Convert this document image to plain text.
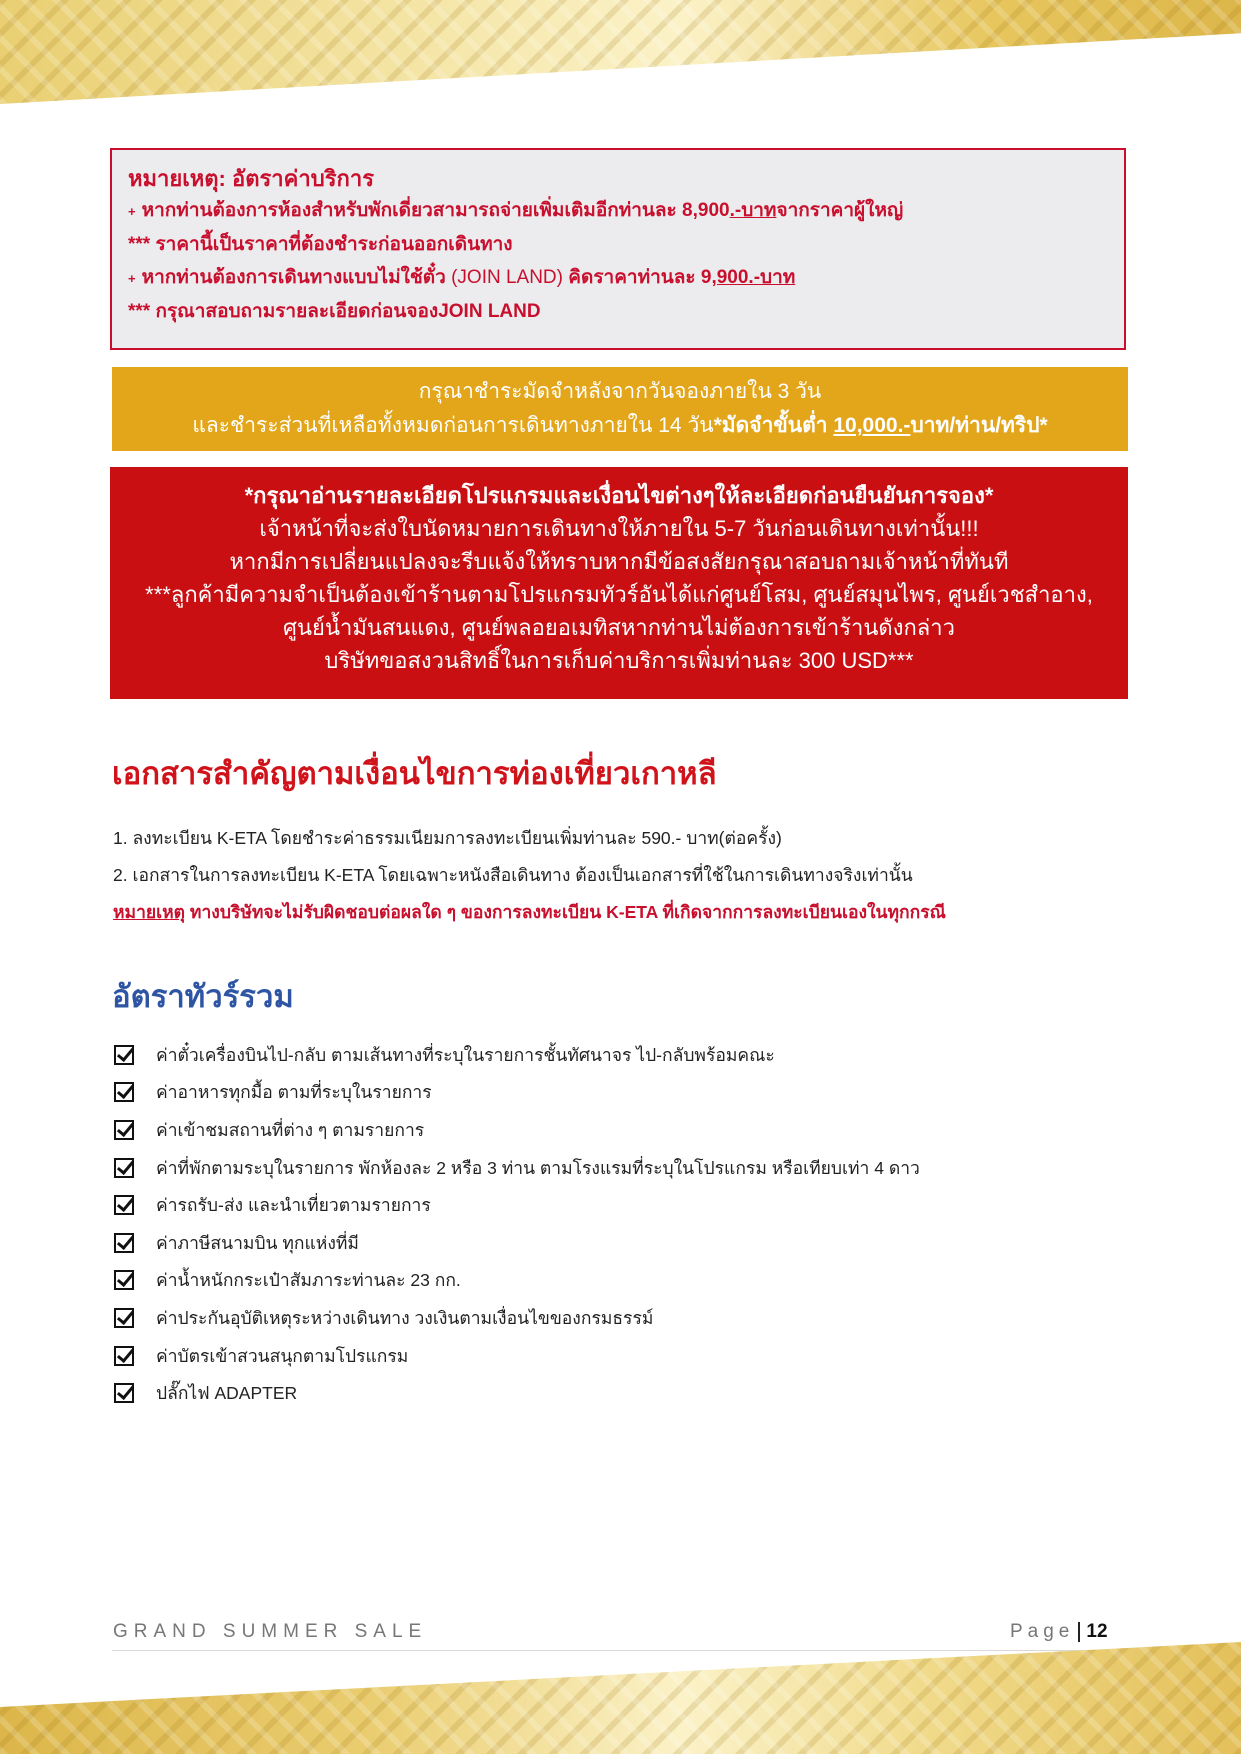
หมายเหตุ: อัตราค่าบริการ
+ หากท่านต้องการห้องสำหรับพักเดี่ยวสามารถจ่ายเพิ่มเติมอีกท่านละ 8,900.-บาทจากราคาผู้ใหญ่
*** ราคานี้เป็นราคาที่ต้องชำระก่อนออกเดินทาง
+ หากท่านต้องการเดินทางแบบไม่ใช้ตั๋ว (JOIN LAND) คิดราคาท่านละ 9,900.-บาท
*** กรุณาสอบถามรายละเอียดก่อนจองJOIN LAND
กรุณาชำระมัดจำหลังจากวันจองภายใน 3 วัน
และชำระส่วนที่เหลือทั้งหมดก่อนการเดินทางภายใน 14 วัน*มัดจำขั้นต่ำ 10,000.-บาท/ท่าน/ทริป*
*กรุณาอ่านรายละเอียดโปรแกรมและเงื่อนไขต่างๆให้ละเอียดก่อนยืนยันการจอง*
เจ้าหน้าที่จะส่งใบนัดหมายการเดินทางให้ภายใน 5-7 วันก่อนเดินทางเท่านั้น!!!
หากมีการเปลี่ยนแปลงจะรีบแจ้งให้ทราบหากมีข้อสงสัยกรุณาสอบถามเจ้าหน้าที่ทันที
***ลูกค้ามีความจำเป็นต้องเข้าร้านตามโปรแกรมทัวร์อันได้แก่ศูนย์โสม, ศูนย์สมุนไพร, ศูนย์เวชสำอาง,
ศูนย์น้ำมันสนแดง, ศูนย์พลอยอเมทิสหากท่านไม่ต้องการเข้าร้านดังกล่าว
บริษัทขอสงวนสิทธิ์ในการเก็บค่าบริการเพิ่มท่านละ 300 USD***
เอกสารสำคัญตามเงื่อนไขการท่องเที่ยวเกาหลี
1. ลงทะเบียน K-ETA โดยชำระค่าธรรมเนียมการลงทะเบียนเพิ่มท่านละ 590.- บาท(ต่อครั้ง)
2. เอกสารในการลงทะเบียน K-ETA โดยเฉพาะหนังสือเดินทาง ต้องเป็นเอกสารที่ใช้ในการเดินทางจริงเท่านั้น
หมายเหตุ ทางบริษัทจะไม่รับผิดชอบต่อผลใด ๆ ของการลงทะเบียน K-ETA ที่เกิดจากการลงทะเบียนเองในทุกกรณี
อัตราทัวร์รวม
ค่าตั๋วเครื่องบินไป-กลับ ตามเส้นทางที่ระบุในรายการชั้นทัศนาจร ไป-กลับพร้อมคณะ
ค่าอาหารทุกมื้อ ตามที่ระบุในรายการ
ค่าเข้าชมสถานที่ต่าง ๆ ตามรายการ
ค่าที่พักตามระบุในรายการ พักห้องละ 2 หรือ 3 ท่าน ตามโรงแรมที่ระบุในโปรแกรม หรือเทียบเท่า 4 ดาว
ค่ารถรับ-ส่ง และนำเที่ยวตามรายการ
ค่าภาษีสนามบิน ทุกแห่งที่มี
ค่าน้ำหนักกระเป๋าสัมภาระท่านละ 23 กก.
ค่าประกันอุบัติเหตุระหว่างเดินทาง วงเงินตามเงื่อนไขของกรมธรรม์
ค่าบัตรเข้าสวนสนุกตามโปรแกรม
ปลั๊กไฟ ADAPTER
GRAND SUMMER SALE	Page 12
